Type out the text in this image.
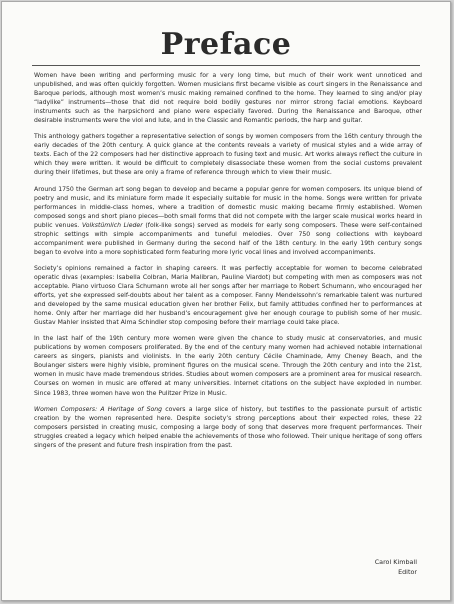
Preface

Women have been writing and performing music for a very long time, but much of their work went unnoticed and unpublished, and was often quickly forgotten. Women musicians first became visible as court singers in the Renaissance and Baroque periods, although most women’s music making remained confined to the home. They learned to sing and/or play “ladylike” instruments—those that did not require bold bodily gestures nor mirror strong facial emotions. Keyboard instruments such as the harpsichord and piano were especially favored. During the Renaissance and Baroque, other desirable instruments were the viol and lute, and in the Classic and Romantic periods, the harp and guitar.

This anthology gathers together a representative selection of songs by women composers from the 16th century through the early decades of the 20th century. A quick glance at the contents reveals a variety of musical styles and a wide array of texts. Each of the 22 composers had her distinctive approach to fusing text and music. Art works always reflect the culture in which they were written. It would be difficult to completely disassociate these women from the social customs prevalent during their lifetimes, but these are only a frame of reference through which to view their music.

Around 1750 the German art song began to develop and became a popular genre for women composers. Its unique blend of poetry and music, and its miniature form made it especially suitable for music in the home. Songs were written for private performances in middle-class homes, where a tradition of domestic music making became firmly established. Women composed songs and short piano pieces—both small forms that did not compete with the larger scale musical works heard in public venues. Volkstümlich Lieder (folk-like songs) served as models for early song composers. These were self-contained strophic settings with simple accompaniments and tuneful melodies. Over 750 song collections with keyboard accompaniment were published in Germany during the second half of the 18th century. In the early 19th century songs began to evolve into a more sophisticated form featuring more lyric vocal lines and involved accompaniments.

Society’s opinions remained a factor in shaping careers. It was perfectly acceptable for women to become celebrated operatic divas (examples: Isabella Colbran, Maria Malibran, Pauline Viardot) but competing with men as composers was not acceptable. Piano virtuoso Clara Schumann wrote all her songs after her marriage to Robert Schumann, who encouraged her efforts, yet she expressed self-doubts about her talent as a composer. Fanny Mendelssohn’s remarkable talent was nurtured and developed by the same musical education given her brother Felix, but family attitudes confined her to performances at home. Only after her marriage did her husband’s encouragement give her enough courage to publish some of her music. Gustav Mahler insisted that Alma Schindler stop composing before their marriage could take place.

In the last half of the 19th century more women were given the chance to study music at conservatories, and music publications by women composers proliferated. By the end of the century many women had achieved notable international careers as singers, pianists and violinists. In the early 20th century Cécile Chaminade, Amy Cheney Beach, and the Boulanger sisters were highly visible, prominent figures on the musical scene. Through the 20th century and into the 21st, women in music have made tremendous strides. Studies about women composers are a prominent area for musical research. Courses on women in music are offered at many universities. Internet citations on the subject have exploded in number. Since 1983, three women have won the Pulitzer Prize in Music.

Women Composers: A Heritage of Song covers a large slice of history, but testifies to the passionate pursuit of artistic creation by the women represented here. Despite society’s strong perceptions about their expected roles, these 22 composers persisted in creating music, composing a large body of song that deserves more frequent performances. Their struggles created a legacy which helped enable the achievements of those who followed. Their unique heritage of song offers singers of the present and future fresh inspiration from the past.

Carol Kimball
Editor
